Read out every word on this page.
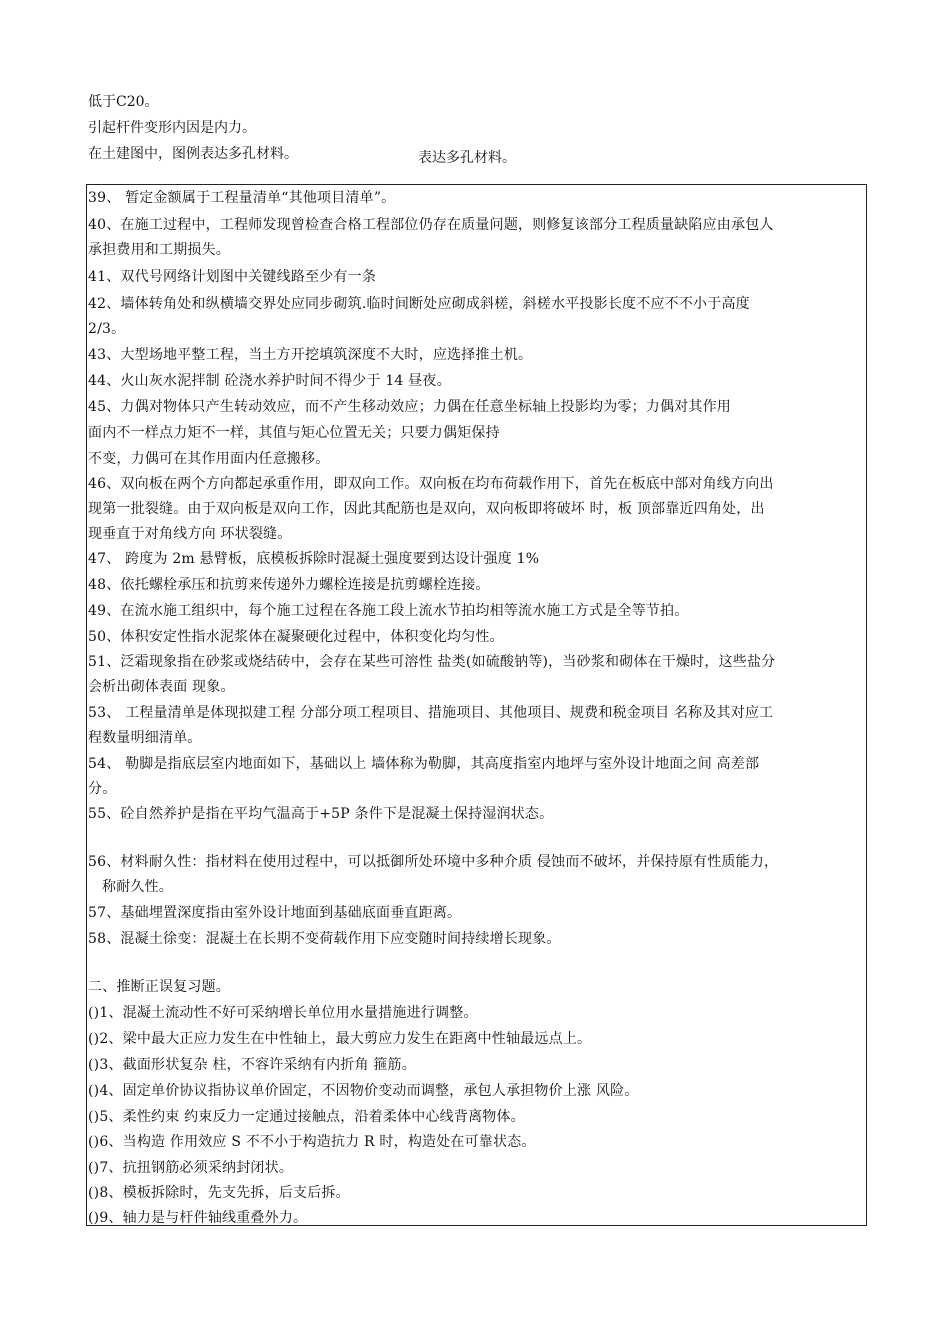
低于C20。
引起杆件变形内因是内力。
在土建图中，图例表达多孔材料。	表达多孔材料。
39、 暂定金额属于工程量清单“其他项目清单”。
40、在施工过程中，工程师发现曾检查合格工程部位仍存在质量问题，则修复该部分工程质量缺陷应由承包人
承担费用和工期损失。
41、双代号网络计划图中关键线路至少有一条
42、墙体转角处和纵横墙交界处应同步砌筑.临时间断处应砌成斜槎，斜槎水平投影长度不应不不小于高度
2/3。
43、大型场地平整工程，当土方开挖填筑深度不大时，应选择推土机。
44、火山灰水泥拌制 砼浇水养护时间不得少于 14 昼夜。
45、力偶对物体只产生转动效应，而不产生移动效应；力偶在任意坐标轴上投影均为零；力偶对其作用
面内不一样点力矩不一样，其值与矩心位置无关；只要力偶矩保持
不变，力偶可在其作用面内任意搬移。
46、双向板在两个方向都起承重作用，即双向工作。双向板在均布荷载作用下，首先在板底中部对角线方向出
现第一批裂缝。由于双向板是双向工作，因此其配筋也是双向，双向板即将破坏 时，板 顶部靠近四角处，出
现垂直于对角线方向 环状裂缝。
47、 跨度为 2m 悬臂板，底模板拆除时混凝土强度要到达设计强度 1%
48、依托螺栓承压和抗剪来传递外力螺栓连接是抗剪螺栓连接。
49、在流水施工组织中，每个施工过程在各施工段上流水节拍均相等流水施工方式是全等节拍。
50、体积安定性指水泥浆体在凝聚硬化过程中，体积变化均匀性。
51、泛霜现象指在砂浆或烧结砖中，会存在某些可溶性 盐类(如硫酸钠等)，当砂浆和砌体在干燥时，这些盐分
会析出砌体表面 现象。
53、 工程量清单是体现拟建工程 分部分项工程项目、措施项目、其他项目、规费和税金项目 名称及其对应工
程数量明细清单。
54、 勒脚是指底层室内地面如下，基础以上 墙体称为勒脚，其高度指室内地坪与室外设计地面之间 高差部
分。
55、砼自然养护是指在平均气温高于+5P 条件下是混凝土保持湿润状态。
56、材料耐久性：指材料在使用过程中，可以抵御所处环境中多种介质 侵蚀而不破坏，并保持原有性质能力，
称耐久性。
57、基础埋置深度指由室外设计地面到基础底面垂直距离。
58、混凝土徐变：混凝土在长期不变荷载作用下应变随时间持续增长现象。
二、推断正误复习题。
()1、混凝土流动性不好可采纳增长单位用水量措施进行调整。
()2、梁中最大正应力发生在中性轴上，最大剪应力发生在距离中性轴最远点上。
()3、截面形状复杂 柱，不容许采纳有内折角 箍筋。
()4、固定单价协议指协议单价固定，不因物价变动而调整，承包人承担物价上涨 风险。
()5、柔性约束 约束反力一定通过接触点，沿着柔体中心线背离物体。
()6、当构造 作用效应 S 不不小于构造抗力 R 时，构造处在可靠状态。
()7、抗扭钢筋必须采纳封闭状。
()8、模板拆除时，先支先拆，后支后拆。
()9、轴力是与杆件轴线重叠外力。
